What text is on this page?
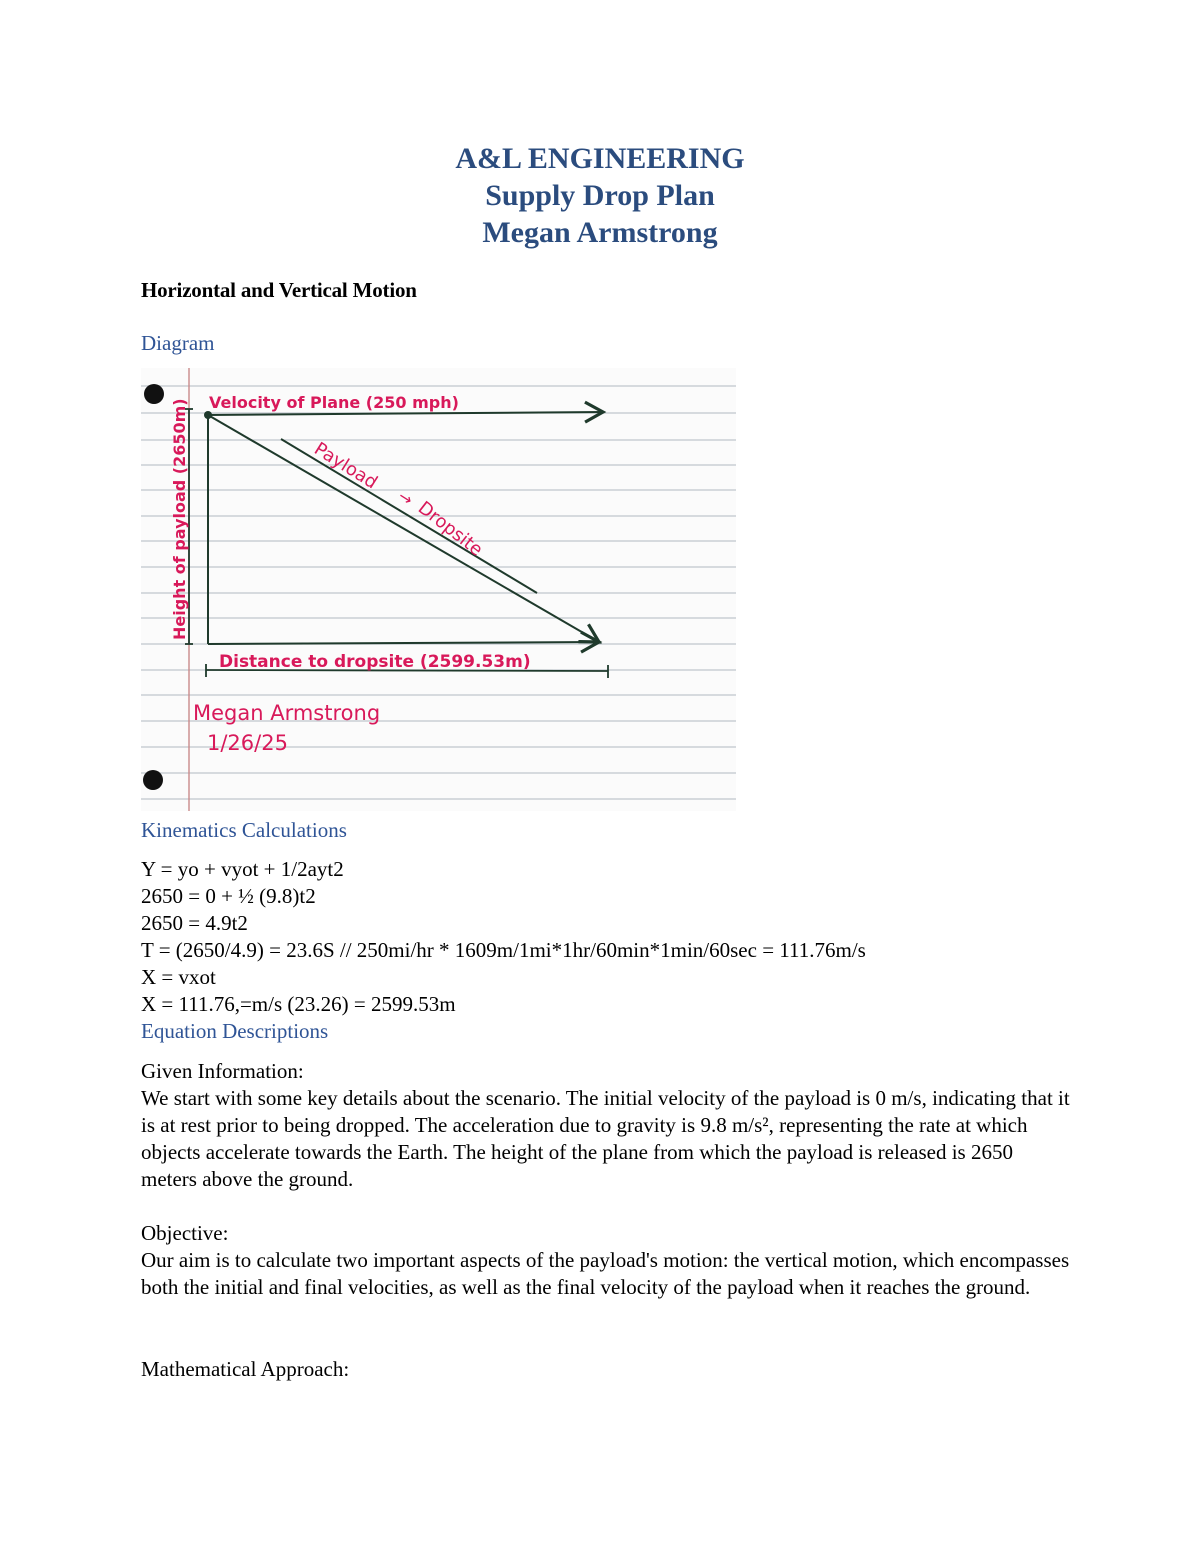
A&L ENGINEERING
Supply Drop Plan
Megan Armstrong
Horizontal and Vertical Motion
Diagram
Velocity of Plane (250 mph)
Height of payload (2650m)	Payload
→
Dropsite
Distance to dropsite (2599.53m)
Megan Armstrong
1/26/25
Kinematics Calculations
Y = yo + vyot + 1/2ayt2
2650 = 0 + ½ (9.8)t2
2650 = 4.9t2
T = (2650/4.9) = 23.6S // 250mi/hr * 1609m/1mi*1hr/60min*1min/60sec = 111.76m/s
X = vxot
X = 111.76,=m/s (23.26) = 2599.53m
Equation Descriptions
Given Information:
We start with some key details about the scenario. The initial velocity of the payload is 0 m/s, indicating that it is at rest prior to being dropped. The acceleration due to gravity is 9.8 m/s², representing the rate at which objects accelerate towards the Earth. The height of the plane from which the payload is released is 2650 meters above the ground.
Objective:
Our aim is to calculate two important aspects of the payload's motion: the vertical motion, which encompasses both the initial and final velocities, as well as the final velocity of the payload when it reaches the ground.
Mathematical Approach:
